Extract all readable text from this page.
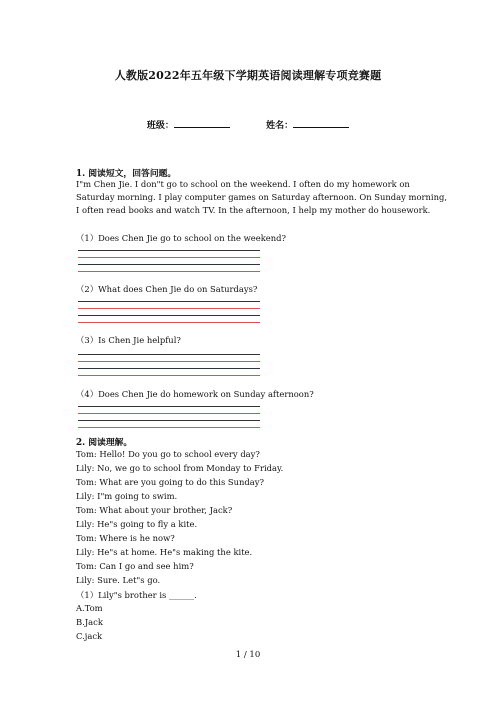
人教版2022年五年级下学期英语阅读理解专项竞赛题
班级：	姓名：
1. 阅读短文，回答问题。
I"m Chen Jie. I don"t go to school on the weekend. I often do my homework on
Saturday morning. I play computer games on Saturday afternoon. On Sunday morning,
I often read books and watch TV. In the afternoon, I help my mother do housework.
（1）Does Chen Jie go to school on the weekend?
（2）What does Chen Jie do on Saturdays?
（3）Is Chen Jie helpful?
（4）Does Chen Jie do homework on Sunday afternoon?
2. 阅读理解。
Tom: Hello! Do you go to school every day?
Lily: No, we go to school from Monday to Friday.
Tom: What are you going to do this Sunday?
Lily: I"m going to swim.
Tom: What about your brother, Jack?
Lily: He"s going to fly a kite.
Tom: Where is he now?
Lily: He"s at home. He"s making the kite.
Tom: Can I go and see him?
Lily: Sure. Let"s go.
（1）Lily"s brother is ______.
A.Tom
B.Jack
C.jack
1 / 10
